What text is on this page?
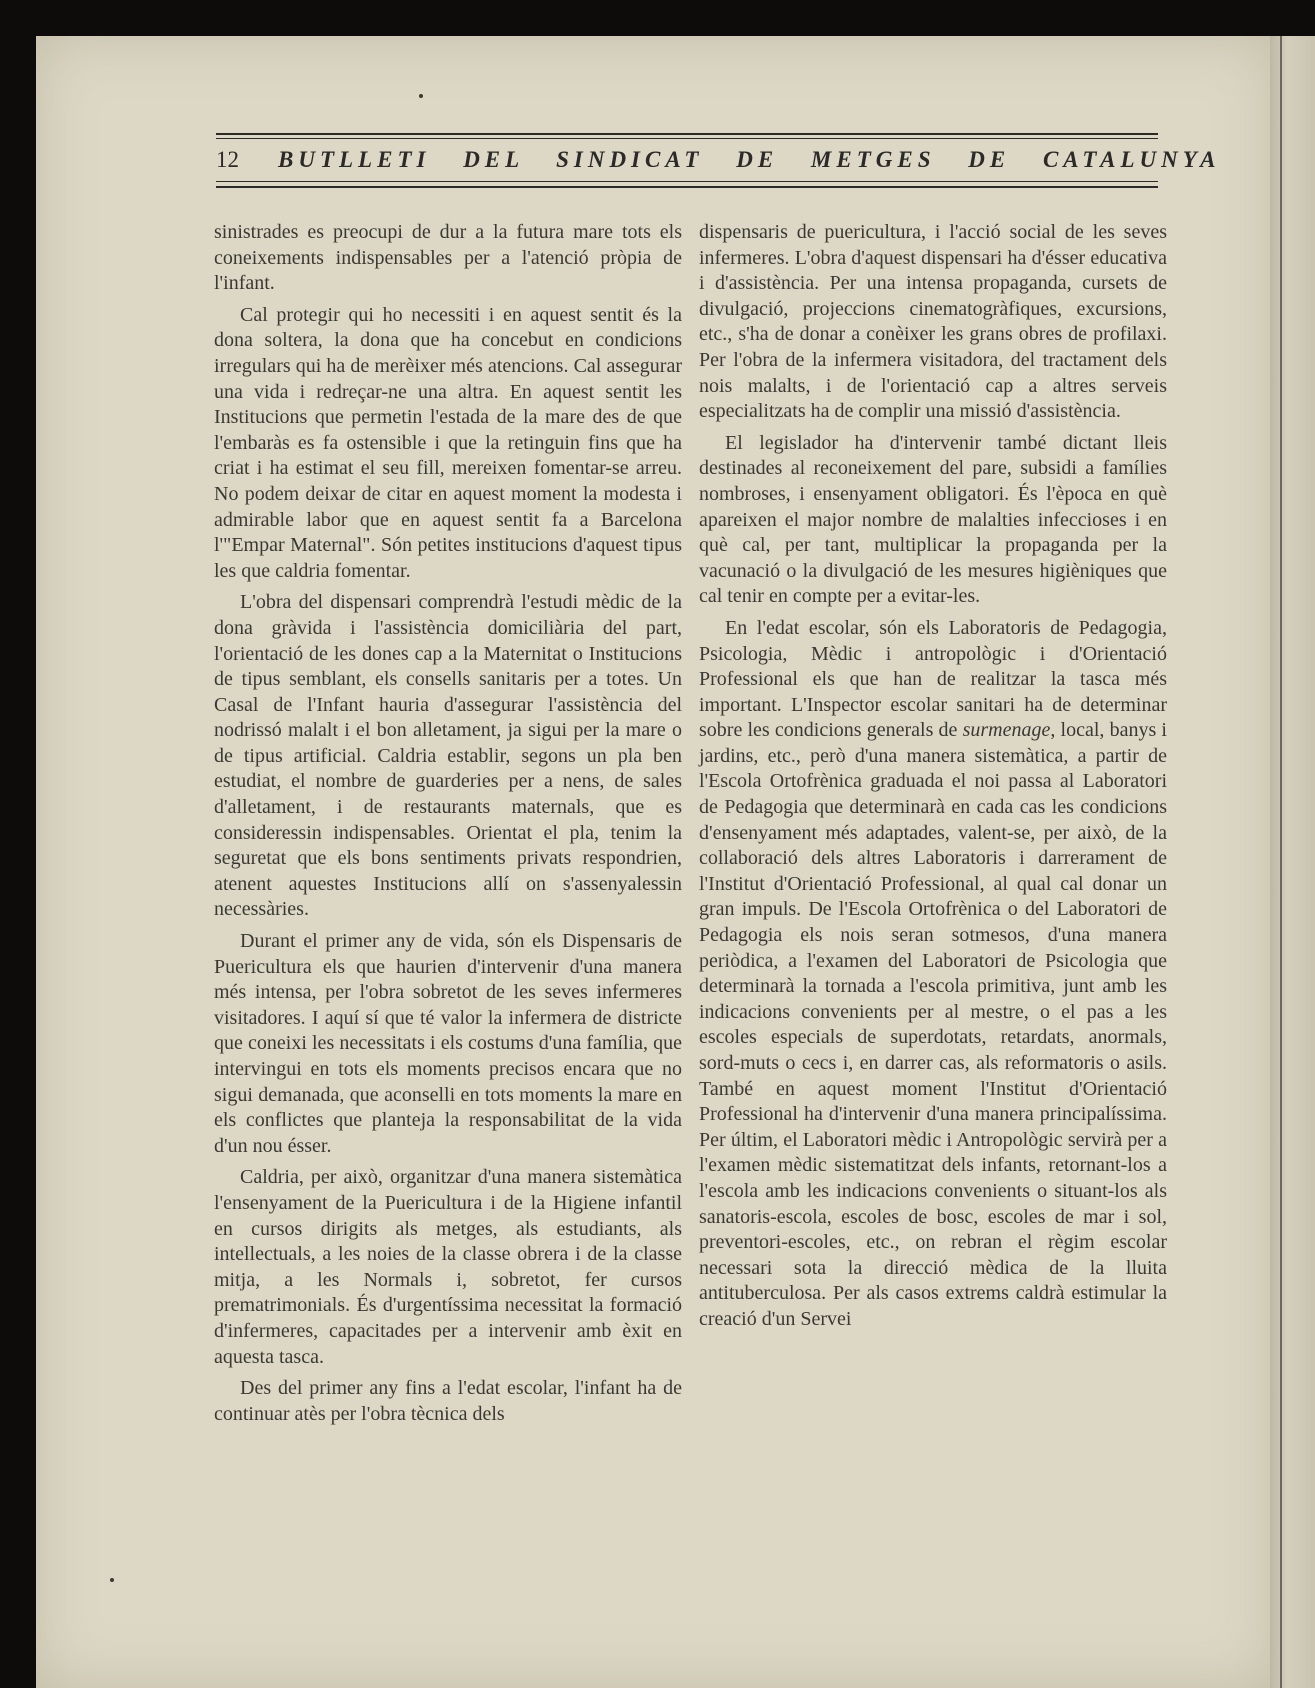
12 BUTLLETI DEL SINDICAT DE METGES DE CATALUNYA

sinistrades es preocupi de dur a la futura mare tots els coneixements indispensables per a l'atenció pròpia de l'infant.

Cal protegir qui ho necessiti i en aquest sentit és la dona soltera, la dona que ha concebut en condicions irregulars qui ha de merèixer més atencions. Cal assegurar una vida i redreçar-ne una altra. En aquest sentit les Institucions que permetin l'estada de la mare des de que l'embaràs es fa ostensible i que la retinguin fins que ha criat i ha estimat el seu fill, mereixen fomentar-se arreu. No podem deixar de citar en aquest moment la modesta i admirable labor que en aquest sentit fa a Barcelona l'"Empar Maternal". Són petites institucions d'aquest tipus les que caldria fomentar.

L'obra del dispensari comprendrà l'estudi mèdic de la dona gràvida i l'assistència domiciliària del part, l'orientació de les dones cap a la Maternitat o Institucions de tipus semblant, els consells sanitaris per a totes. Un Casal de l'Infant hauria d'assegurar l'assistència del nodrissó malalt i el bon alletament, ja sigui per la mare o de tipus artificial. Caldria establir, segons un pla ben estudiat, el nombre de guarderies per a nens, de sales d'alletament, i de restaurants maternals, que es consideressin indispensables. Orientat el pla, tenim la seguretat que els bons sentiments privats respondrien, atenent aquestes Institucions allí on s'assenyalessin necessàries.

Durant el primer any de vida, són els Dispensaris de Puericultura els que haurien d'intervenir d'una manera més intensa, per l'obra sobretot de les seves infermeres visitadores. I aquí sí que té valor la infermera de districte que coneixi les necessitats i els costums d'una família, que intervingui en tots els moments precisos encara que no sigui demanada, que aconselli en tots moments la mare en els conflictes que planteja la responsabilitat de la vida d'un nou ésser.

Caldria, per això, organitzar d'una manera sistemàtica l'ensenyament de la Puericultura i de la Higiene infantil en cursos dirigits als metges, als estudiants, als intellectuals, a les noies de la classe obrera i de la classe mitja, a les Normals i, sobretot, fer cursos prematrimonials. És d'urgentíssima necessitat la formació d'infermeres, capacitades per a intervenir amb èxit en aquesta tasca.

Des del primer any fins a l'edat escolar, l'infant ha de continuar atès per l'obra tècnica dels

dispensaris de puericultura, i l'acció social de les seves infermeres. L'obra d'aquest dispensari ha d'ésser educativa i d'assistència. Per una intensa propaganda, cursets de divulgació, projeccions cinematogràfiques, excursions, etc., s'ha de donar a conèixer les grans obres de profilaxi. Per l'obra de la infermera visitadora, del tractament dels nois malalts, i de l'orientació cap a altres serveis especialitzats ha de complir una missió d'assistència.

El legislador ha d'intervenir també dictant lleis destinades al reconeixement del pare, subsidi a famílies nombroses, i ensenyament obligatori. És l'època en què apareixen el major nombre de malalties infeccioses i en què cal, per tant, multiplicar la propaganda per la vacunació o la divulgació de les mesures higièniques que cal tenir en compte per a evitar-les.

En l'edat escolar, són els Laboratoris de Pedagogia, Psicologia, Mèdic i antropològic i d'Orientació Professional els que han de realitzar la tasca més important. L'Inspector escolar sanitari ha de determinar sobre les condicions generals de surmenage, local, banys i jardins, etc., però d'una manera sistemàtica, a partir de l'Escola Ortofrènica graduada el noi passa al Laboratori de Pedagogia que determinarà en cada cas les condicions d'ensenyament més adaptades, valent-se, per això, de la collaboració dels altres Laboratoris i darrerament de l'Institut d'Orientació Professional, al qual cal donar un gran impuls. De l'Escola Ortofrènica o del Laboratori de Pedagogia els nois seran sotmesos, d'una manera periòdica, a l'examen del Laboratori de Psicologia que determinarà la tornada a l'escola primitiva, junt amb les indicacions convenients per al mestre, o el pas a les escoles especials de superdotats, retardats, anormals, sord-muts o cecs i, en darrer cas, als reformatoris o asils. També en aquest moment l'Institut d'Orientació Professional ha d'intervenir d'una manera principalíssima. Per últim, el Laboratori mèdic i Antropològic servirà per a l'examen mèdic sistematitzat dels infants, retornant-los a l'escola amb les indicacions convenients o situant-los als sanatoris-escola, escoles de bosc, escoles de mar i sol, preventori-escoles, etc., on rebran el règim escolar necessari sota la direcció mèdica de la lluita antituberculosa. Per als casos extrems caldrà estimular la creació d'un Servei
